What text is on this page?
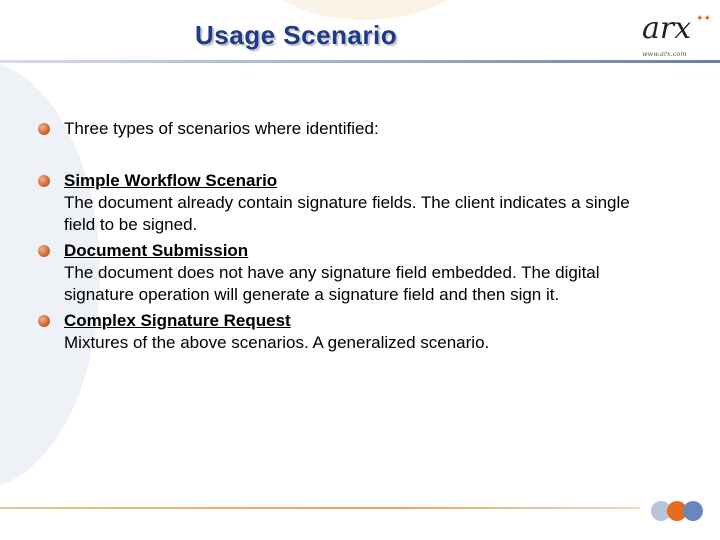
Usage Scenario	arx ✦✦
www.arx.com
Three types of scenarios where identified:
Simple Workflow Scenario
The document already contain signature fields. The client indicates a single field to be signed.
Document Submission
The document does not have any signature field embedded. The digital signature operation will generate a signature field and then sign it.
Complex Signature Request
Mixtures of the above scenarios. A generalized scenario.
